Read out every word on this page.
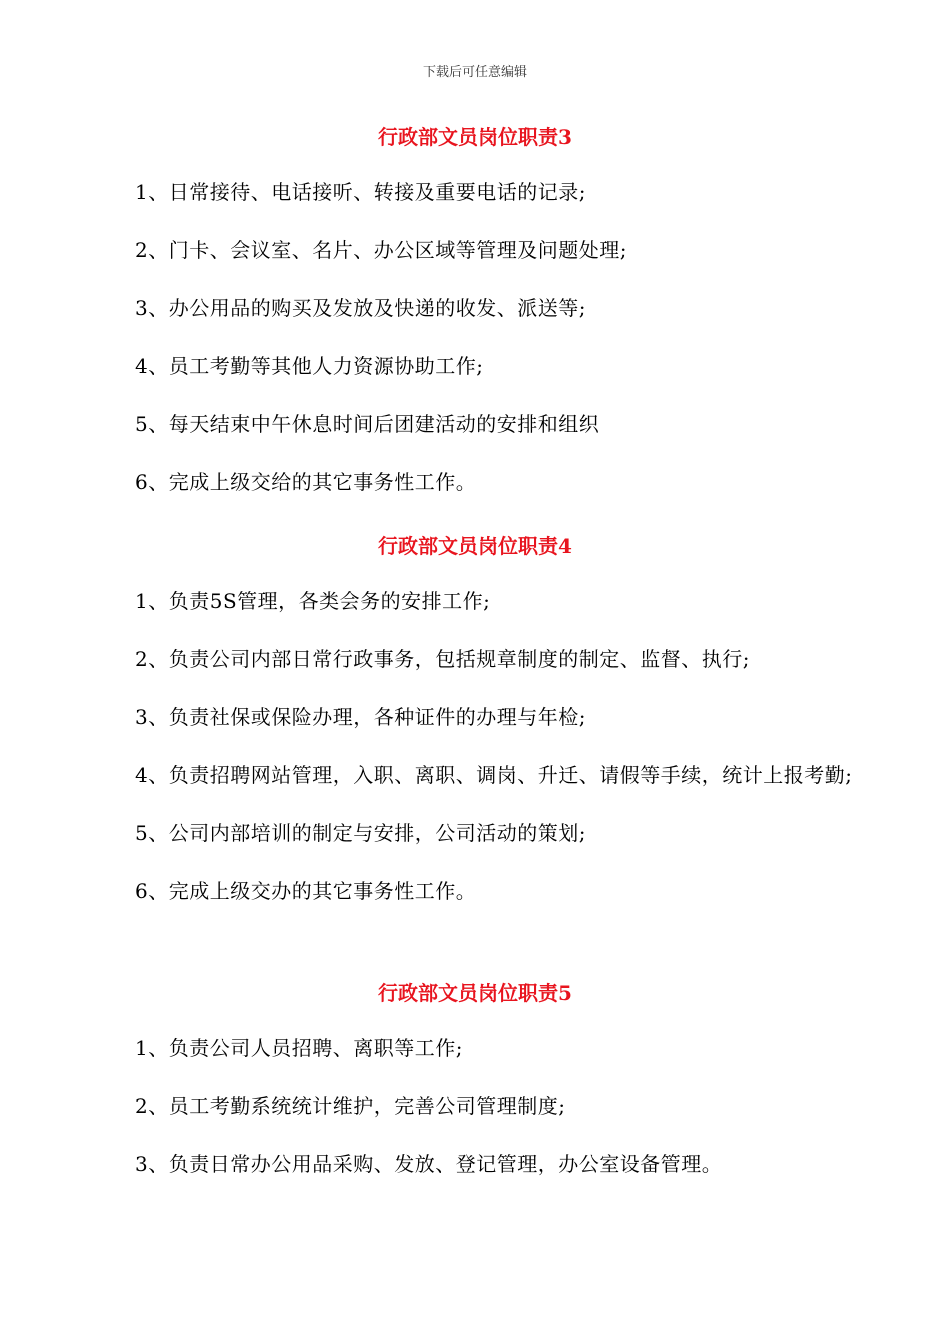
下载后可任意编辑
行政部文员岗位职责3

1、日常接待、电话接听、转接及重要电话的记录;

2、门卡、会议室、名片、办公区域等管理及问题处理;

3、办公用品的购买及发放及快递的收发、派送等;

4、员工考勤等其他人力资源协助工作;

5、每天结束中午休息时间后团建活动的安排和组织

6、完成上级交给的其它事务性工作。

行政部文员岗位职责4

1、负责5S管理，各类会务的安排工作;

2、负责公司内部日常行政事务，包括规章制度的制定、监督、执行;

3、负责社保或保险办理，各种证件的办理与年检;

4、负责招聘网站管理，入职、离职、调岗、升迁、请假等手续，统计上报考勤;

5、公司内部培训的制定与安排，公司活动的策划;

6、完成上级交办的其它事务性工作。

行政部文员岗位职责5

1、负责公司人员招聘、离职等工作;

2、员工考勤系统统计维护，完善公司管理制度;

3、负责日常办公用品采购、发放、登记管理，办公室设备管理。
